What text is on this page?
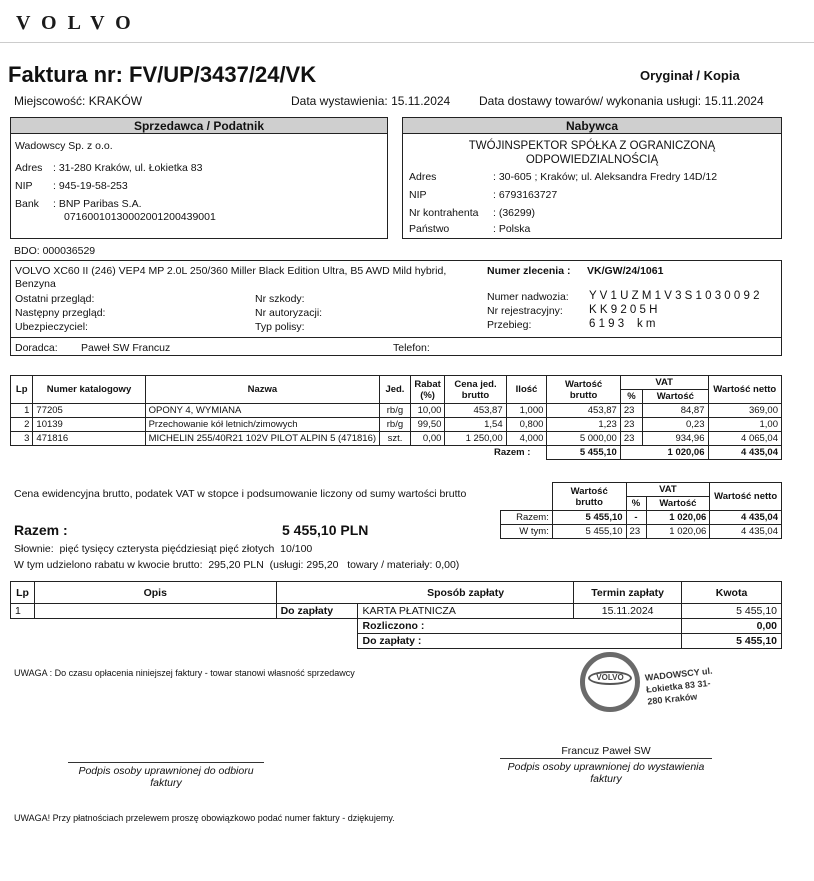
VOLVO
Faktura nr: FV/UP/3437/24/VK	Oryginał / Kopia
Miejscowość: KRAKÓW	Data wystawienia: 15.11.2024 Data dostawy towarów/ wykonania usługi: 15.11.2024
Sprzedawca / Podatnik
Wadowscy Sp. z o.o.
Adres : 31-280 Kraków, ul. Łokietka 83
NIP : 945-19-58-253
Bank : BNP Paribas S.A.
07160010130002001200439001
Nabywca
TWÓJINSPEKTOR SPÓŁKA Z OGRANICZONĄ
ODPOWIEDZIALNOŚCIĄ
Adres	: 30-605 ; Kraków; ul. Aleksandra Fredry 14D/12
NIP	: 6793163727
Nr kontrahenta : (36299)
Państwo	: Polska
BDO: 000036529
VOLVO XC60 II (246) VEP4 MP 2.0L 250/360 Miller Black Edition Ultra, B5 AWD Mild hybrid,
Benzyna
Numer zlecenia : VK/GW/24/1061
Ostatni przegląd:
Następny przegląd:
Ubezpieczyciel:
Nr szkody:
Nr autoryzacji:
Typ polisy:
Numer nadwozia: Y V 1 U Z M 1 V 3 S 1 0 3 0 0 9 2
Nr rejestracyjny: K K 9 2 0 5 H
Przebieg:	6 1 9 3    k m
Doradca: Paweł SW Francuz	Telefon:
Lp	Numer katalogowy	Nazwa	Jed.	Rabat (%)	Cena jed. brutto	Ilość	Wartość brutto	VAT		Wartość netto
								%	Wartość	
1	77205	OPONY 4, WYMIANA	rb/g	10,00	453,87	1,000	453,87	23	84,87	369,00
2	10139	Przechowanie kół letnich/zimowych	rb/g	99,50	1,54	0,800	1,23	23	0,23	1,00
3	471816	MICHELIN 255/40R21 102V PILOT ALPIN 5 (471816)	szt.	0,00	1 250,00	4,000	5 000,00	23	934,96	4 065,04
Razem :							5 455,10	1 020,06		4 435,04
Cena ewidencyjna brutto, podatek VAT w stopce i podsumowanie liczony od sumy wartości brutto
		Wartość brutto	VAT		Wartość netto
		%	Wartość	
Razem:	5 455,10	-	1 020,06	4 435,04
W tym:	5 455,10	23	1 020,06	4 435,04
Razem :	5 455,10 PLN
Słownie: pięć tysięcy czterysta pięćdziesiąt pięć złotych  10/100
W tym udzielono rabatu w kwocie brutto:  295,20 PLN  (usługi: 295,20   towary / materiały: 0,00)
Lp	Opis		Sposób zapłaty	Termin zapłaty	Kwota
1		Do zapłaty	KARTA PŁATNICZA	15.11.2024	5 455,10
			Rozliczono :		0,00
			Do zapłaty :		5 455,10
UWAGA : Do czasu opłacenia niniejszej faktury - towar stanowi własność sprzedawcy	VOLVO	WADOWSCY ul. Łokietka 83 31-280 Kraków
Podpis osoby uprawnionej do odbioru faktury
Francuz Paweł SW
Podpis osoby uprawnionej do wystawienia faktury
UWAGA! Przy płatnościach przelewem proszę obowiązkowo podać numer faktury - dziękujemy.
